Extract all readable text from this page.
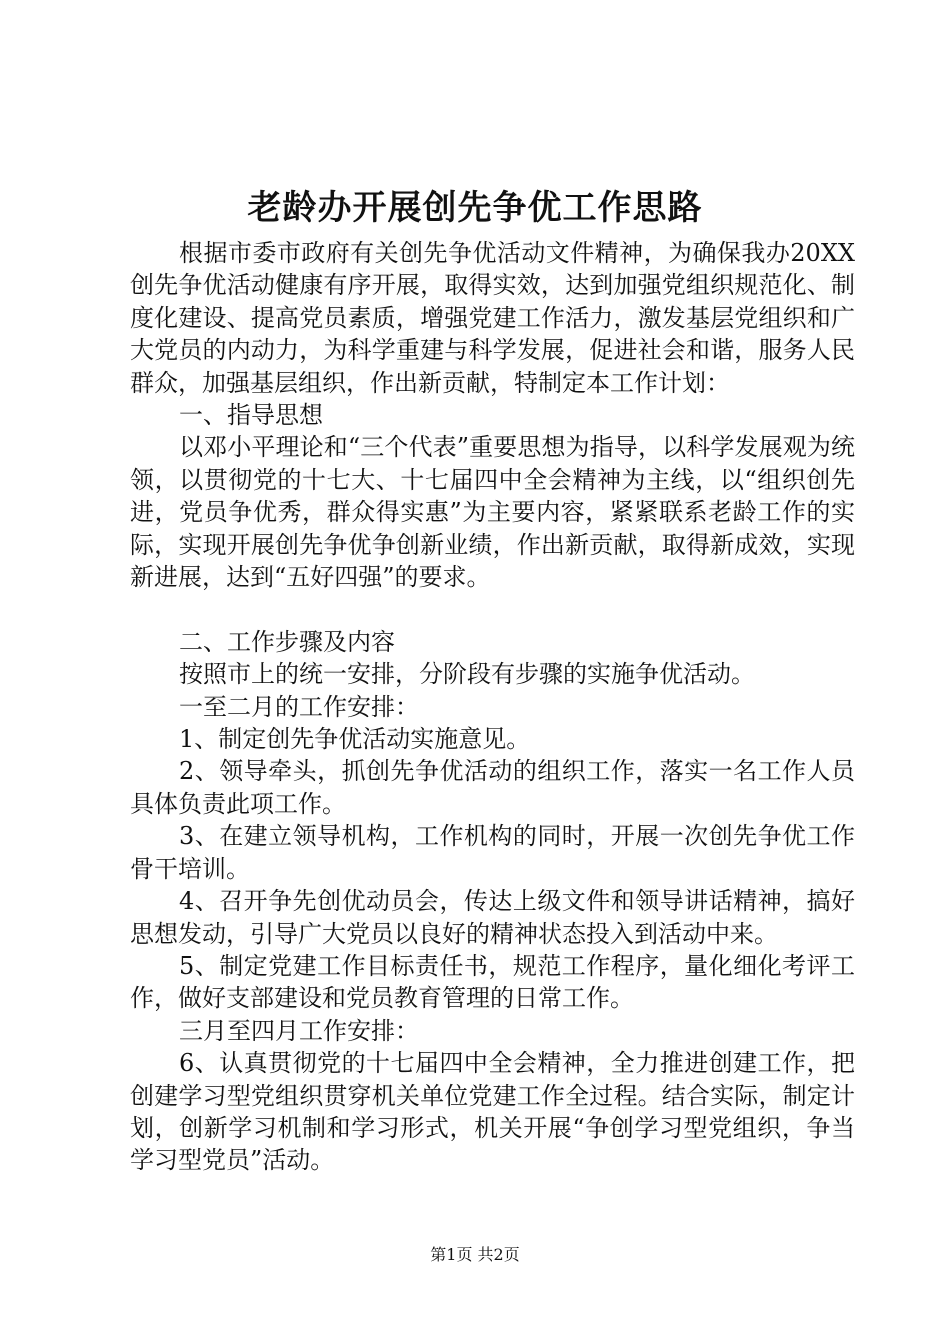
老龄办开展创先争优工作思路

根据市委市政府有关创先争优活动文件精神，为确保我办20XX创先争优活动健康有序开展，取得实效，达到加强党组织规范化、制度化建设、提高党员素质，增强党建工作活力，激发基层党组织和广大党员的内动力，为科学重建与科学发展，促进社会和谐，服务人民群众，加强基层组织，作出新贡献，特制定本工作计划：

一、指导思想

以邓小平理论和“三个代表”重要思想为指导，以科学发展观为统领，以贯彻党的十七大、十七届四中全会精神为主线，以“组织创先进，党员争优秀，群众得实惠”为主要内容，紧紧联系老龄工作的实际，实现开展创先争优争创新业绩，作出新贡献，取得新成效，实现新进展，达到“五好四强”的要求。

二、工作步骤及内容

按照市上的统一安排，分阶段有步骤的实施争优活动。

一至二月的工作安排：

1、制定创先争优活动实施意见。

2、领导牵头，抓创先争优活动的组织工作，落实一名工作人员具体负责此项工作。

3、在建立领导机构，工作机构的同时，开展一次创先争优工作骨干培训。

4、召开争先创优动员会，传达上级文件和领导讲话精神，搞好思想发动，引导广大党员以良好的精神状态投入到活动中来。

5、制定党建工作目标责任书，规范工作程序，量化细化考评工作，做好支部建设和党员教育管理的日常工作。

三月至四月工作安排：

6、认真贯彻党的十七届四中全会精神，全力推进创建工作，把创建学习型党组织贯穿机关单位党建工作全过程。结合实际，制定计划，创新学习机制和学习形式，机关开展“争创学习型党组织，争当学习型党员”活动。

第1页 共2页
